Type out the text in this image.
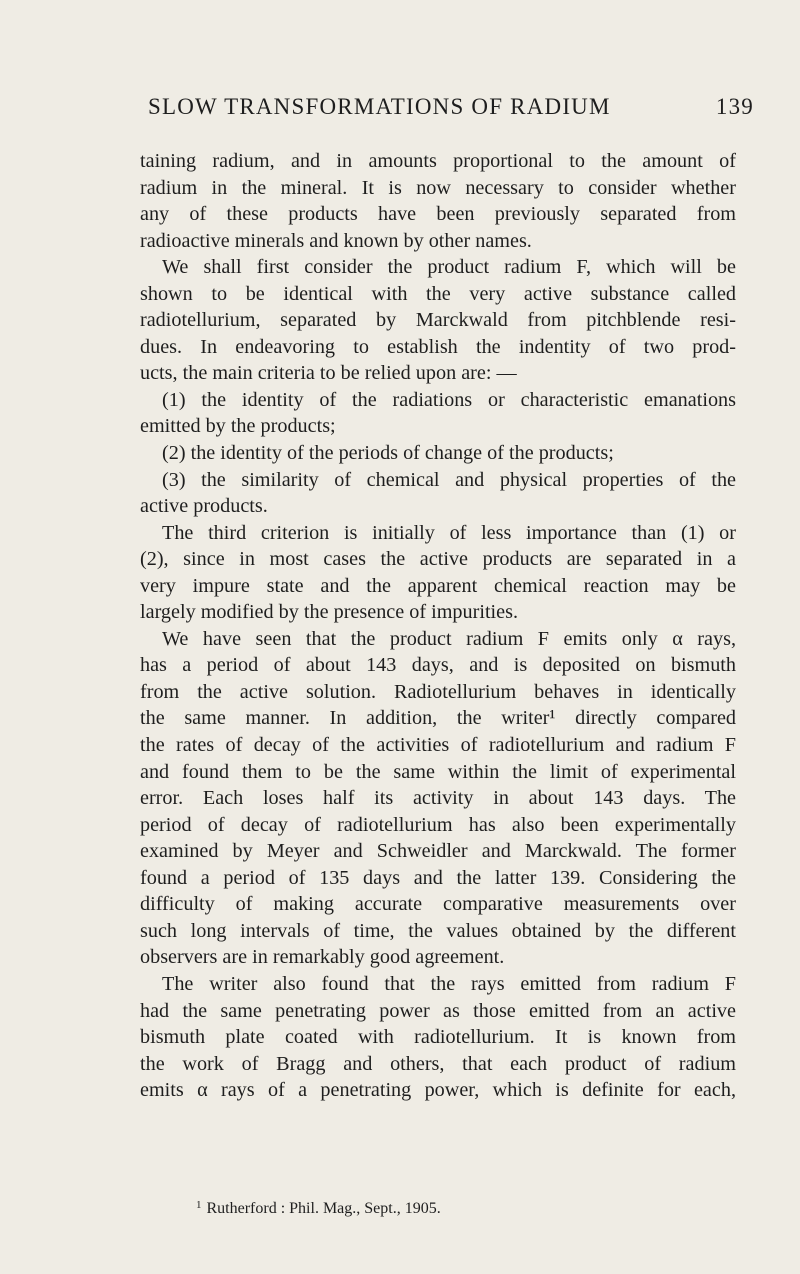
SLOW TRANSFORMATIONS OF RADIUM	139
taining radium, and in amounts proportional to the amount of
radium in the mineral. It is now necessary to consider whether
any of these products have been previously separated from
radioactive minerals and known by other names.
We shall first consider the product radium F, which will be
shown to be identical with the very active substance called
radiotellurium, separated by Marckwald from pitchblende resi-
dues. In endeavoring to establish the indentity of two prod-
ucts, the main criteria to be relied upon are: —
(1) the identity of the radiations or characteristic emanations
emitted by the products;
(2) the identity of the periods of change of the products;
(3) the similarity of chemical and physical properties of the
active products.
The third criterion is initially of less importance than (1) or
(2), since in most cases the active products are separated in a
very impure state and the apparent chemical reaction may be
largely modified by the presence of impurities.
We have seen that the product radium F emits only α rays,
has a period of about 143 days, and is deposited on bismuth
from the active solution. Radiotellurium behaves in identically
the same manner. In addition, the writer¹ directly compared
the rates of decay of the activities of radiotellurium and radium F
and found them to be the same within the limit of experimental
error. Each loses half its activity in about 143 days. The
period of decay of radiotellurium has also been experimentally
examined by Meyer and Schweidler and Marckwald. The former
found a period of 135 days and the latter 139. Considering the
difficulty of making accurate comparative measurements over
such long intervals of time, the values obtained by the different
observers are in remarkably good agreement.
The writer also found that the rays emitted from radium F
had the same penetrating power as those emitted from an active
bismuth plate coated with radiotellurium. It is known from
the work of Bragg and others, that each product of radium
emits α rays of a penetrating power, which is definite for each,
$^1$ Rutherford : Phil. Mag., Sept., 1905.
